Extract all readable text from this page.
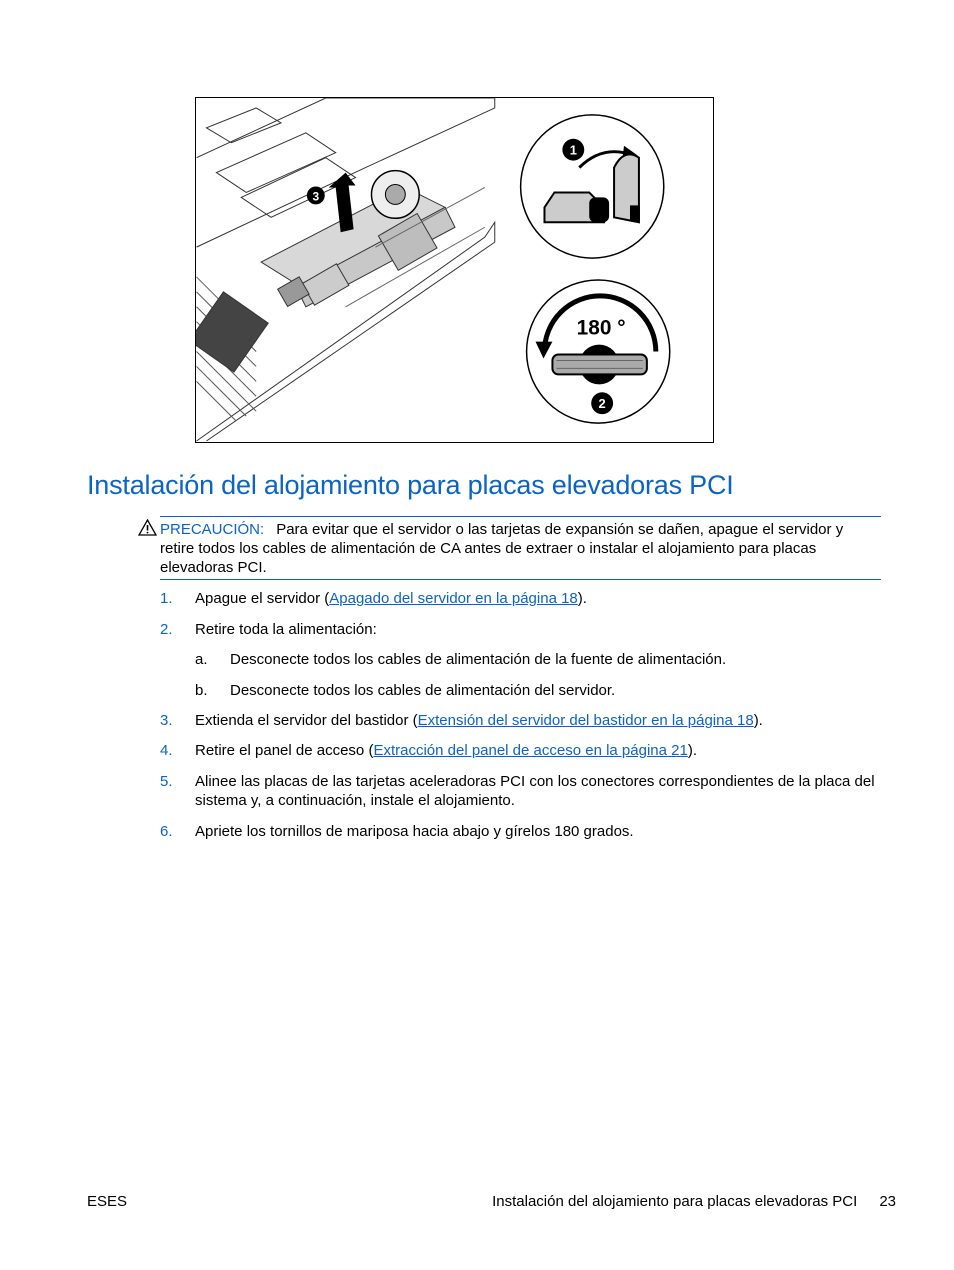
3
1
180 °
2
Instalación del alojamiento para placas elevadoras PCI
PRECAUCIÓN: Para evitar que el servidor o las tarjetas de expansión se dañen, apague el servidor y retire todos los cables de alimentación de CA antes de extraer o instalar el alojamiento para placas elevadoras PCI.
1. Apague el servidor (Apagado del servidor en la página 18).
2. Retire toda la alimentación:
a. Desconecte todos los cables de alimentación de la fuente de alimentación.
b. Desconecte todos los cables de alimentación del servidor.
3. Extienda el servidor del bastidor (Extensión del servidor del bastidor en la página 18).
4. Retire el panel de acceso (Extracción del panel de acceso en la página 21).
5. Alinee las placas de las tarjetas aceleradoras PCI con los conectores correspondientes de la placa del sistema y, a continuación, instale el alojamiento.
6. Apriete los tornillos de mariposa hacia abajo y gírelos 180 grados.
ESES	Instalación del alojamiento para placas elevadoras PCI 23
